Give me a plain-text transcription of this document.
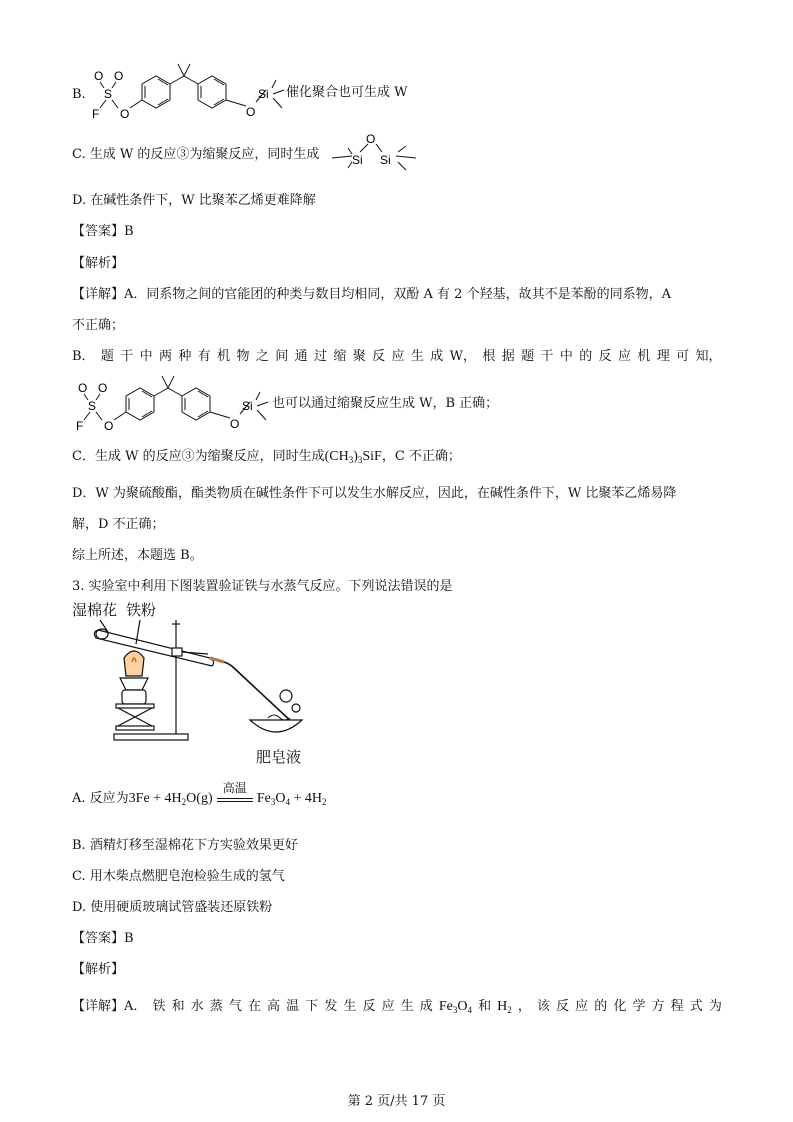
B.
O O
S
F O	O
Si 催化聚合也可生成 W
C. 生成 W 的反应③为缩聚反应，同时生成
O
Si Si
D. 在碱性条件下，W 比聚苯乙烯更难降解
【答案】B
【解析】
【详解】A．同系物之间的官能团的种类与数目均相同，双酚 A 有 2 个羟基，故其不是苯酚的同系物，A
不正确；
B． 题 干 中 两 种 有 机 物 之 间 通 过 缩 聚 反 应 生 成 W， 根 据 题 干 中 的 反 应 机 理 可 知，
O O
S
F O	O
Si 也可以通过缩聚反应生成 W，B 正确；
C．生成 W 的反应③为缩聚反应，同时生成$(CH_3)_3SiF$，C 不正确；
D．W 为聚硫酸酯，酯类物质在碱性条件下可以发生水解反应，因此，在碱性条件下，W 比聚苯乙烯易降
解，D 不正确；
综上所述，本题选 B。
3. 实验室中利用下图装置验证铁与水蒸气反应。下列说法错误的是
湿棉花 铁粉
肥皂液
A. 反应为$3Fe + 4H_2O(g)$
高温
$Fe_3O_4 + 4H_2$
B. 酒精灯移至湿棉花下方实验效果更好
C. 用木柴点燃肥皂泡检验生成的氢气
D. 使用硬质玻璃试管盛装还原铁粉
【答案】B
【解析】
【详解】A． 铁 和 水 蒸 气 在 高 温 下 发 生 反 应 生 成 $Fe_3O_4$ 和 $H_2$ ， 该 反 应 的 化 学 方 程 式 为
第 2 页/共 17 页
